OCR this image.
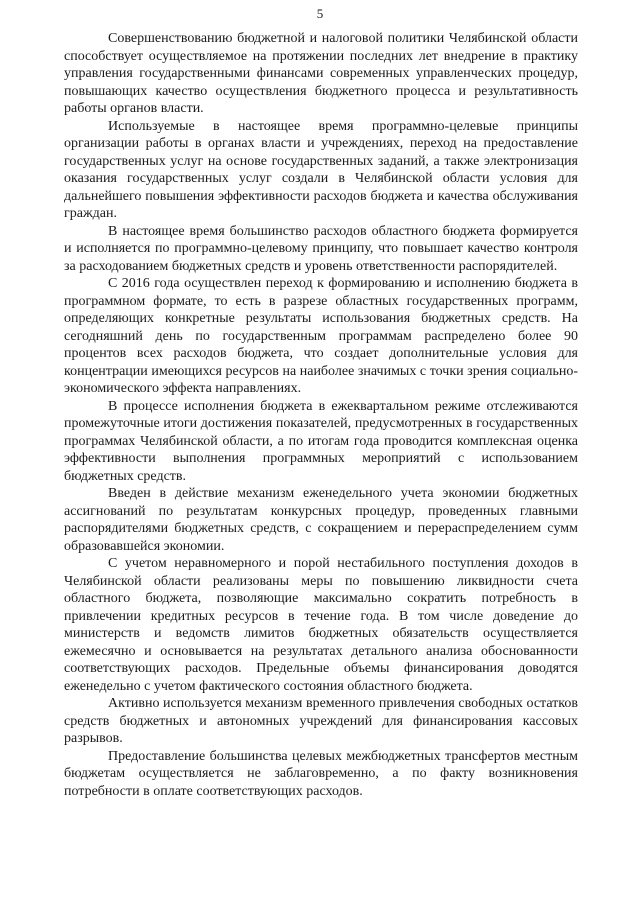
5

Совершенствованию бюджетной и налоговой политики Челябинской области способствует осуществляемое на протяжении последних лет внедрение в практику управления государственными финансами современных управленческих процедур, повышающих качество осуществления бюджетного процесса и результативность работы органов власти.

Используемые в настоящее время программно-целевые принципы организации работы в органах власти и учреждениях, переход на предоставление государственных услуг на основе государственных заданий, а также электронизация оказания государственных услуг создали в Челябинской области условия для дальнейшего повышения эффективности расходов бюджета и качества обслуживания граждан.

В настоящее время большинство расходов областного бюджета формируется и исполняется по программно-целевому принципу, что повышает качество контроля за расходованием бюджетных средств и уровень ответственности распорядителей.

С 2016 года осуществлен переход к формированию и исполнению бюджета в программном формате, то есть в разрезе областных государственных программ, определяющих конкретные результаты использования бюджетных средств. На сегодняшний день по государственным программам распределено более 90 процентов всех расходов бюджета, что создает дополнительные условия для концентрации имеющихся ресурсов на наиболее значимых с точки зрения социально-экономического эффекта направлениях.

В процессе исполнения бюджета в ежеквартальном режиме отслеживаются промежуточные итоги достижения показателей, предусмотренных в государственных программах Челябинской области, а по итогам года проводится комплексная оценка эффективности выполнения программных мероприятий с использованием бюджетных средств.

Введен в действие механизм еженедельного учета экономии бюджетных ассигнований по результатам конкурсных процедур, проведенных главными распорядителями бюджетных средств, с сокращением и перераспределением сумм образовавшейся экономии.

С учетом неравномерного и порой нестабильного поступления доходов в Челябинской области реализованы меры по повышению ликвидности счета областного бюджета, позволяющие максимально сократить потребность в привлечении кредитных ресурсов в течение года. В том числе доведение до министерств и ведомств лимитов бюджетных обязательств осуществляется ежемесячно и основывается на результатах детального анализа обоснованности соответствующих расходов. Предельные объемы финансирования доводятся еженедельно с учетом фактического состояния областного бюджета.

Активно используется механизм временного привлечения свободных остатков средств бюджетных и автономных учреждений для финансирования кассовых разрывов.

Предоставление большинства целевых межбюджетных трансфертов местным бюджетам осуществляется не заблаговременно, а по факту возникновения потребности в оплате соответствующих расходов.
